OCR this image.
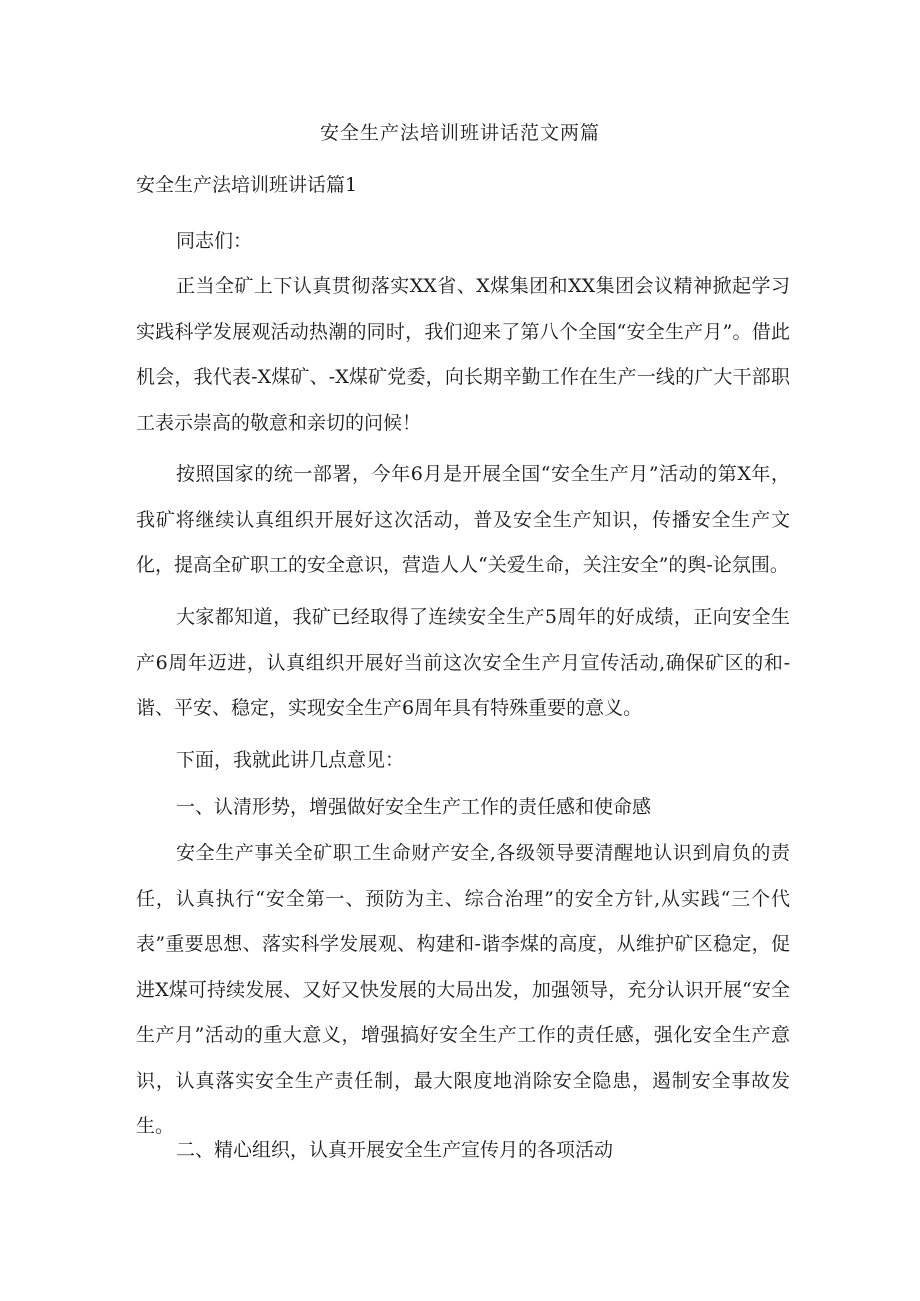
安全生产法培训班讲话范文两篇
安全生产法培训班讲话篇1

同志们：

正当全矿上下认真贯彻落实XX省、X煤集团和XX集团会议精神掀起学习实践科学发展观活动热潮的同时，我们迎来了第八个全国“安全生产月”。借此机会，我代表-X煤矿、-X煤矿党委，向长期辛勤工作在生产一线的广大干部职工表示崇高的敬意和亲切的问候！

按照国家的统一部署，今年6月是开展全国“安全生产月”活动的第X年，我矿将继续认真组织开展好这次活动，普及安全生产知识，传播安全生产文化，提高全矿职工的安全意识，营造人人“关爱生命，关注安全”的舆-论氛围。

大家都知道，我矿已经取得了连续安全生产5周年的好成绩，正向安全生产6周年迈进，认真组织开展好当前这次安全生产月宣传活动,确保矿区的和-谐、平安、稳定，实现安全生产6周年具有特殊重要的意义。

下面，我就此讲几点意见：

一、认清形势，增强做好安全生产工作的责任感和使命感

安全生产事关全矿职工生命财产安全,各级领导要清醒地认识到肩负的责任，认真执行“安全第一、预防为主、综合治理”的安全方针,从实践“三个代表”重要思想、落实科学发展观、构建和-谐李煤的高度，从维护矿区稳定，促进X煤可持续发展、又好又快发展的大局出发，加强领导，充分认识开展“安全生产月”活动的重大意义，增强搞好安全生产工作的责任感，强化安全生产意识，认真落实安全生产责任制，最大限度地消除安全隐患，遏制安全事故发生。

二、精心组织，认真开展安全生产宣传月的各项活动
